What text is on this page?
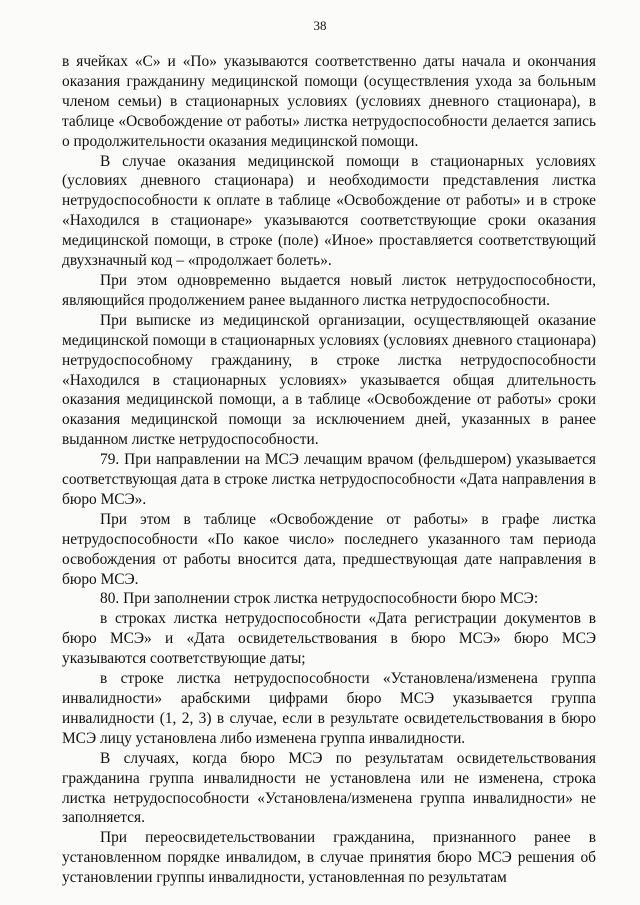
38

в ячейках «С» и «По» указываются соответственно даты начала и окончания оказания гражданину медицинской помощи (осуществления ухода за больным членом семьи) в стационарных условиях (условиях дневного стационара), в таблице «Освобождение от работы» листка нетрудоспособности делается запись о продолжительности оказания медицинской помощи.

В случае оказания медицинской помощи в стационарных условиях (условиях дневного стационара) и необходимости представления листка нетрудоспособности к оплате в таблице «Освобождение от работы» и в строке «Находился в стационаре» указываются соответствующие сроки оказания медицинской помощи, в строке (поле) «Иное» проставляется соответствующий двухзначный код – «продолжает болеть».

При этом одновременно выдается новый листок нетрудоспособности, являющийся продолжением ранее выданного листка нетрудоспособности.

При выписке из медицинской организации, осуществляющей оказание медицинской помощи в стационарных условиях (условиях дневного стационара) нетрудоспособному гражданину, в строке листка нетрудоспособности «Находился в стационарных условиях» указывается общая длительность оказания медицинской помощи, а в таблице «Освобождение от работы» сроки оказания медицинской помощи за исключением дней, указанных в ранее выданном листке нетрудоспособности.

79. При направлении на МСЭ лечащим врачом (фельдшером) указывается соответствующая дата в строке листка нетрудоспособности «Дата направления в бюро МСЭ».

При этом в таблице «Освобождение от работы» в графе листка нетрудоспособности «По какое число» последнего указанного там периода освобождения от работы вносится дата, предшествующая дате направления в бюро МСЭ.

80. При заполнении строк листка нетрудоспособности бюро МСЭ:

в строках листка нетрудоспособности «Дата регистрации документов в бюро МСЭ» и «Дата освидетельствования в бюро МСЭ» бюро МСЭ указываются соответствующие даты;

в строке листка нетрудоспособности «Установлена/изменена группа инвалидности» арабскими цифрами бюро МСЭ указывается группа инвалидности (1, 2, 3) в случае, если в результате освидетельствования в бюро МСЭ лицу установлена либо изменена группа инвалидности.

В случаях, когда бюро МСЭ по результатам освидетельствования гражданина группа инвалидности не установлена или не изменена, строка листка нетрудоспособности «Установлена/изменена группа инвалидности» не заполняется.

При переосвидетельствовании гражданина, признанного ранее в установленном порядке инвалидом, в случае принятия бюро МСЭ решения об установлении группы инвалидности, установленная по результатам
